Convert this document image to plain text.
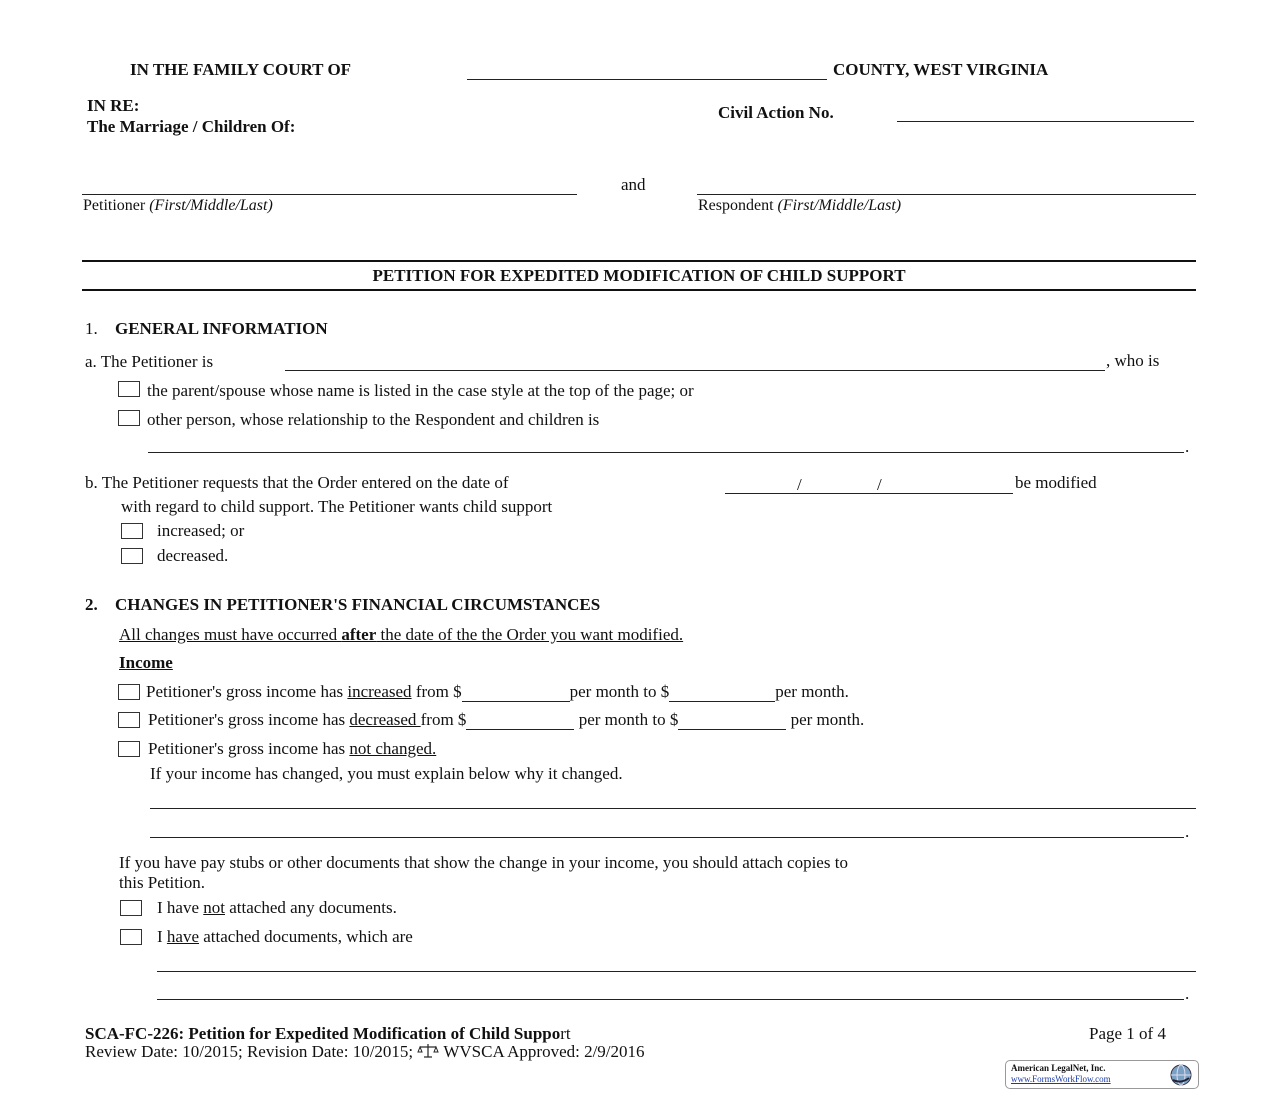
IN THE FAMILY COURT OF	COUNTY, WEST VIRGINIA
IN RE:
The Marriage / Children Of:
Civil Action No.
and
Petitioner (First/Middle/Last)	Respondent (First/Middle/Last)
PETITION FOR EXPEDITED MODIFICATION OF CHILD SUPPORT
1. GENERAL INFORMATION
a. The Petitioner is	, who is
the parent/spouse whose name is listed in the case style at the top of the page; or
other person, whose relationship to the Respondent and children is
.
b. The Petitioner requests that the Order entered on the date of	/	/	be modified
with regard to child support. The Petitioner wants child support
increased; or
decreased.
2. CHANGES IN PETITIONER'S FINANCIAL CIRCUMSTANCES
All changes must have occurred after the date of the the Order you want modified.
Income
Petitioner's gross income has increased from $	per month to $	per month.
Petitioner's gross income has decreased from $	per month to $	per month.
Petitioner's gross income has not changed.
If your income has changed, you must explain below why it changed.
.
If you have pay stubs or other documents that show the change in your income, you should attach copies to
this Petition.
I have not attached any documents.
I have attached documents, which are
.
SCA-FC-226: Petition for Expedited Modification of Child Support	Page 1 of 4
Review Date: 10/2015; Revision Date: 10/2015; WVSCA Approved: 2/9/2016
American LegalNet, Inc.
www.FormsWorkFlow.com
